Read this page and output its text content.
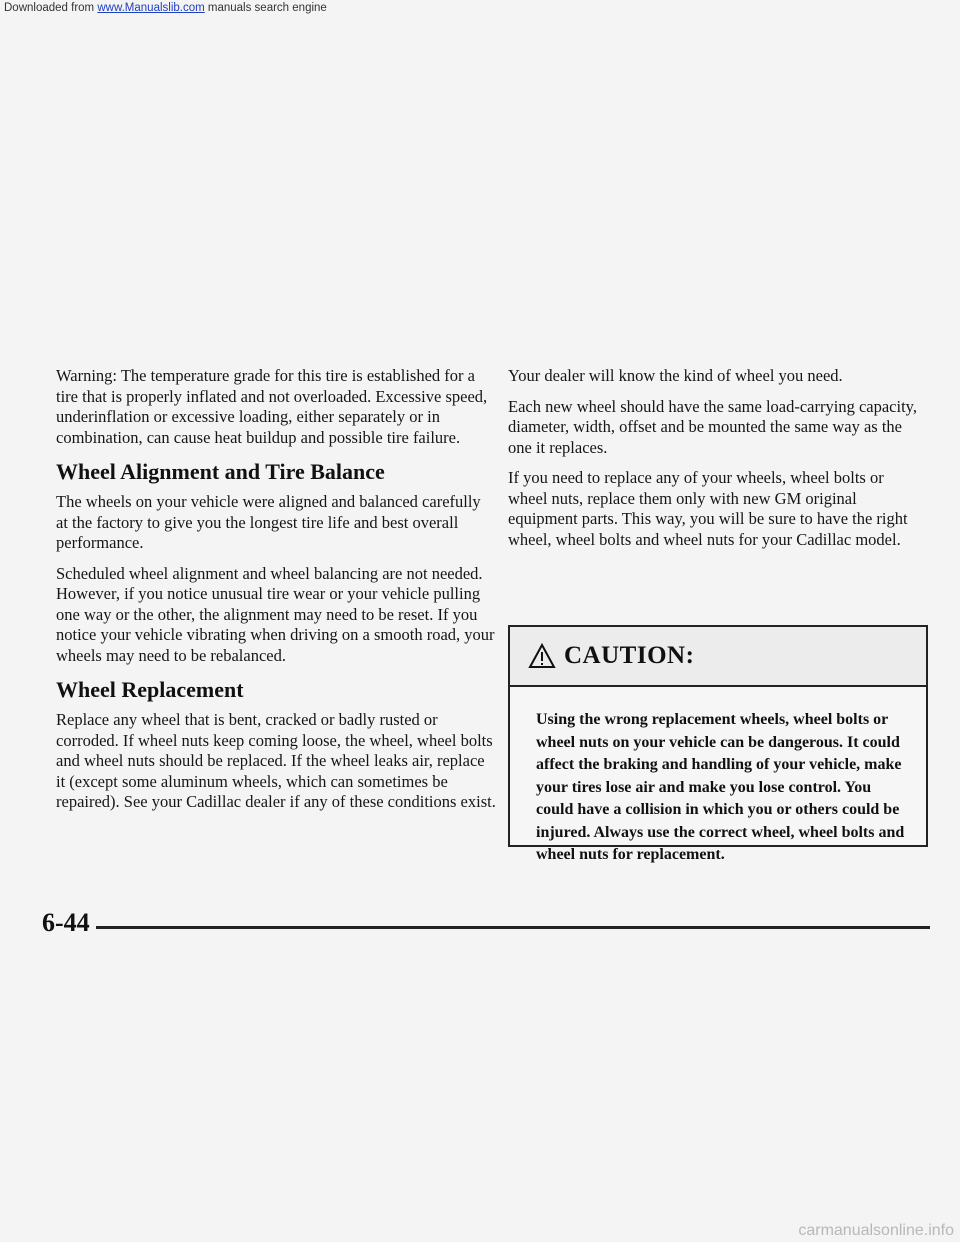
Downloaded from www.Manualslib.com manuals search engine

Warning: The temperature grade for this tire is established for a tire that is properly inflated and not overloaded. Excessive speed, underinflation or excessive loading, either separately or in combination, can cause heat buildup and possible tire failure.

Wheel Alignment and Tire Balance

The wheels on your vehicle were aligned and balanced carefully at the factory to give you the longest tire life and best overall performance.

Scheduled wheel alignment and wheel balancing are not needed. However, if you notice unusual tire wear or your vehicle pulling one way or the other, the alignment may need to be reset. If you notice your vehicle vibrating when driving on a smooth road, your wheels may need to be rebalanced.

Wheel Replacement

Replace any wheel that is bent, cracked or badly rusted or corroded. If wheel nuts keep coming loose, the wheel, wheel bolts and wheel nuts should be replaced. If the wheel leaks air, replace it (except some aluminum wheels, which can sometimes be repaired). See your Cadillac dealer if any of these conditions exist.

Your dealer will know the kind of wheel you need.

Each new wheel should have the same load-carrying capacity, diameter, width, offset and be mounted the same way as the one it replaces.

If you need to replace any of your wheels, wheel bolts or wheel nuts, replace them only with new GM original equipment parts. This way, you will be sure to have the right wheel, wheel bolts and wheel nuts for your Cadillac model.

CAUTION:
Using the wrong replacement wheels, wheel bolts or wheel nuts on your vehicle can be dangerous. It could affect the braking and handling of your vehicle, make your tires lose air and make you lose control. You could have a collision in which you or others could be injured. Always use the correct wheel, wheel bolts and wheel nuts for replacement.
6-44
carmanualsonline.info
